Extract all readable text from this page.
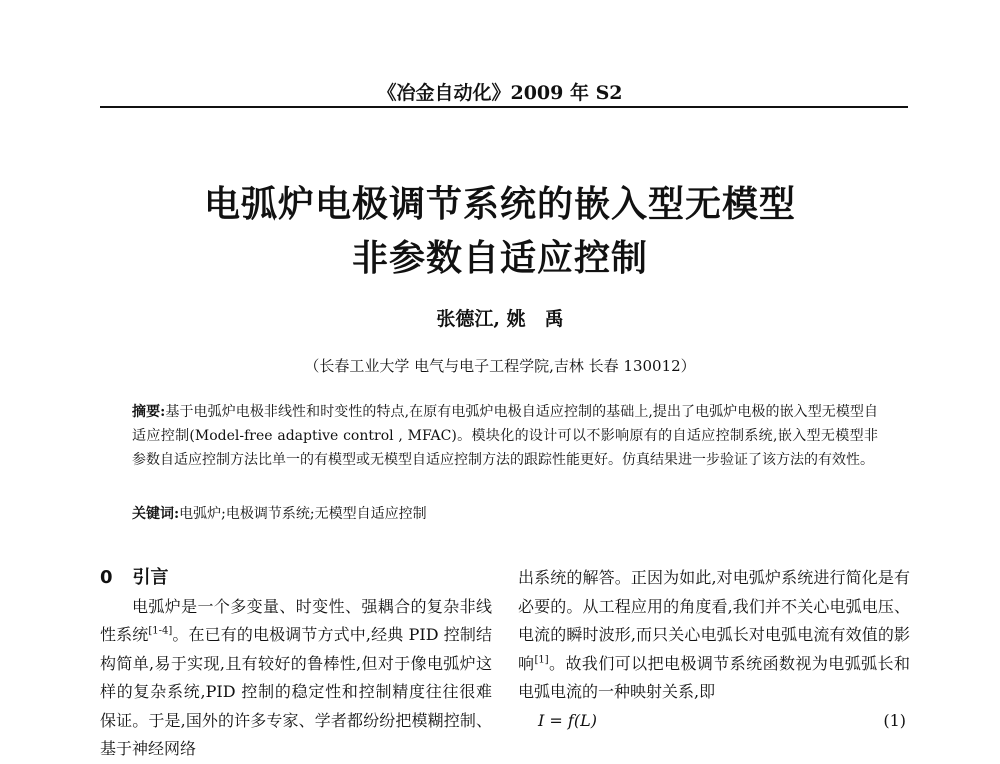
《冶金自动化》2009 年 S2
电弧炉电极调节系统的嵌入型无模型
非参数自适应控制
张德江, 姚　禹
（长春工业大学 电气与电子工程学院,吉林 长春 130012）
摘要:基于电弧炉电极非线性和时变性的特点,在原有电弧炉电极自适应控制的基础上,提出了电弧炉电极的嵌入型无模型自适应控制(Model-free adaptive control , MFAC)。模块化的设计可以不影响原有的自适应控制系统,嵌入型无模型非参数自适应控制方法比单一的有模型或无模型自适应控制方法的跟踪性能更好。仿真结果进一步验证了该方法的有效性。
关键词:电弧炉;电极调节系统;无模型自适应控制
0 引言

电弧炉是一个多变量、时变性、强耦合的复杂非线性系统[1-4]。在已有的电极调节方式中,经典 PID 控制结构简单,易于实现,且有较好的鲁棒性,但对于像电弧炉这样的复杂系统,PID 控制的稳定性和控制精度往往很难保证。于是,国外的许多专家、学者都纷纷把模糊控制、基于神经网络

出系统的解答。正因为如此,对电弧炉系统进行简化是有必要的。从工程应用的角度看,我们并不关心电弧电压、电流的瞬时波形,而只关心电弧长对电弧电流有效值的影响[1]。故我们可以把电极调节系统函数视为电弧弧长和电弧电流的一种映射关系,即

I = f(L)	(1)
